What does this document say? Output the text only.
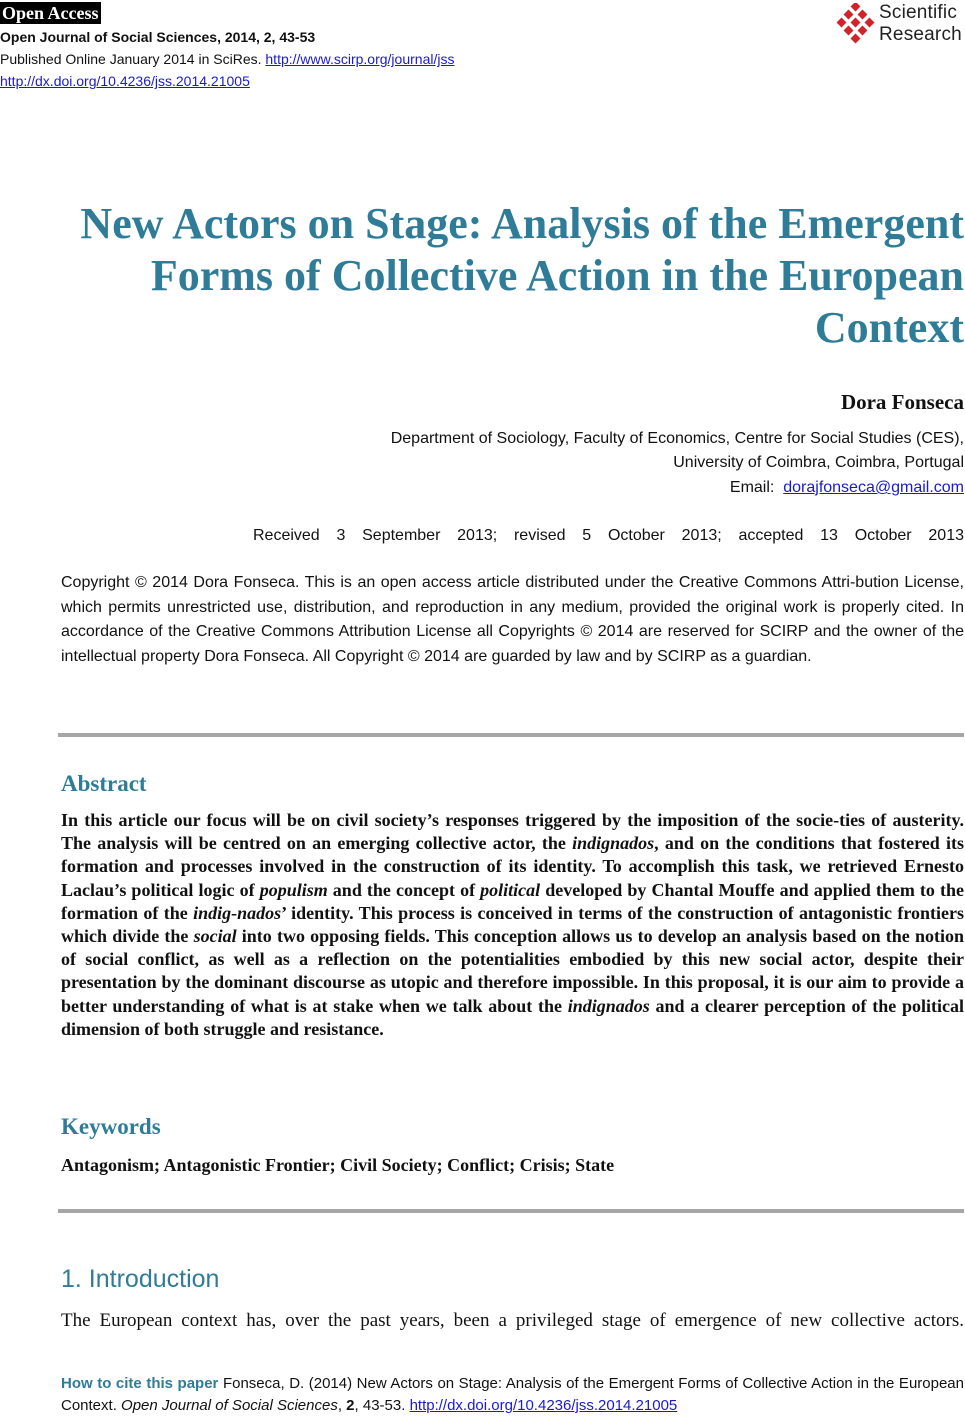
Open Access
Open Journal of Social Sciences, 2014, 2, 43-53
Published Online January 2014 in SciRes. http://www.scirp.org/journal/jss
http://dx.doi.org/10.4236/jss.2014.21005
Scientific
Research
New Actors on Stage: Analysis of the Emergent
Forms of Collective Action in the European
Context
Dora Fonseca
Department of Sociology, Faculty of Economics, Centre for Social Studies (CES),
University of Coimbra, Coimbra, Portugal
Email: dorajfonseca@gmail.com
Received 3 September 2013; revised 5 October 2013; accepted 13 October 2013
Copyright © 2014 Dora Fonseca. This is an open access article distributed under the Creative Commons Attri-bution License, which permits unrestricted use, distribution, and reproduction in any medium, provided the original work is properly cited. In accordance of the Creative Commons Attribution License all Copyrights © 2014 are reserved for SCIRP and the owner of the intellectual property Dora Fonseca. All Copyright © 2014 are guarded by law and by SCIRP as a guardian.
Abstract
In this article our focus will be on civil society’s responses triggered by the imposition of the socie-ties of austerity. The analysis will be centred on an emerging collective actor, the indignados, and on the conditions that fostered its formation and processes involved in the construction of its identity. To accomplish this task, we retrieved Ernesto Laclau’s political logic of populism and the concept of political developed by Chantal Mouffe and applied them to the formation of the indig-nados’ identity. This process is conceived in terms of the construction of antagonistic frontiers which divide the social into two opposing fields. This conception allows us to develop an analysis based on the notion of social conflict, as well as a reflection on the potentialities embodied by this new social actor, despite their presentation by the dominant discourse as utopic and therefore impossible. In this proposal, it is our aim to provide a better understanding of what is at stake when we talk about the indignados and a clearer perception of the political dimension of both struggle and resistance.
Keywords
Antagonism; Antagonistic Frontier; Civil Society; Conflict; Crisis; State
1. Introduction
The European context has, over the past years, been a privileged stage of emergence of new collective actors.
How to cite this paper Fonseca, D. (2014) New Actors on Stage: Analysis of the Emergent Forms of Collective Action in the European Context. Open Journal of Social Sciences, 2, 43-53. http://dx.doi.org/10.4236/jss.2014.21005
